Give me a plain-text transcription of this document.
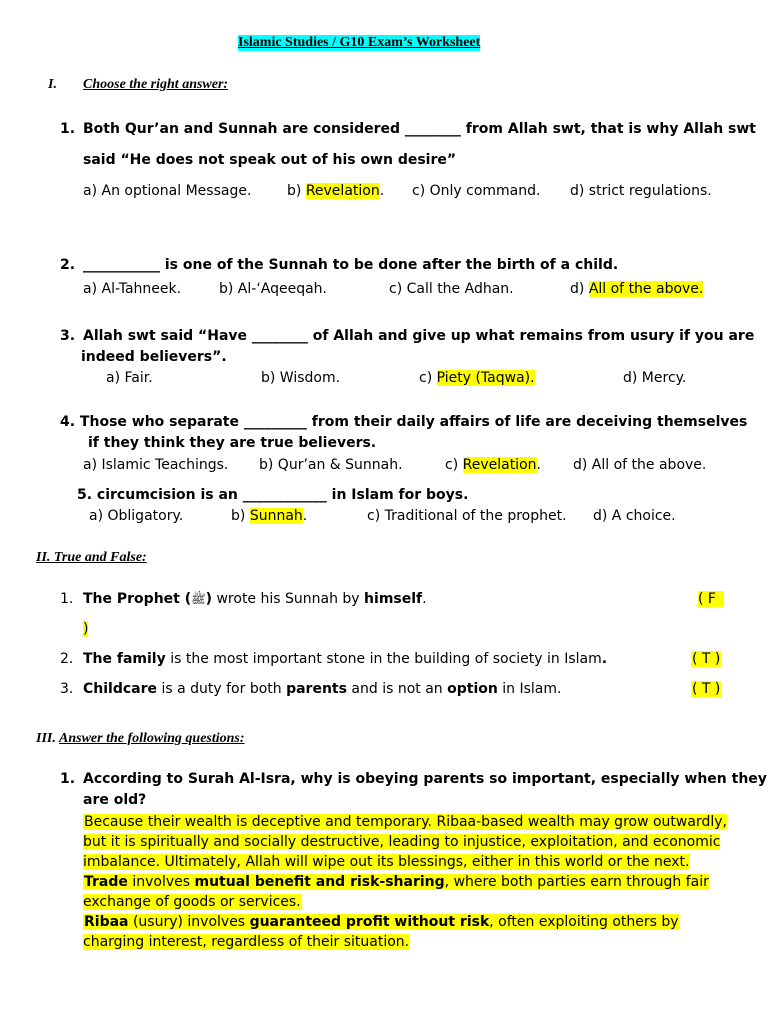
Islamic Studies / G10 Exam’s Worksheet
I. Choose the right answer:
1. Both Qur’an and Sunnah are considered ________ from Allah swt, that is why Allah swt
said “He does not speak out of his own desire”
a) An optional Message.	b) Revelation. c) Only command. d) strict regulations.
2. ___________ is one of the Sunnah to be done after the birth of a child.
a) Al-Tahneek.	b) Al-‘Aqeeqah.	c) Call the Adhan.	d) All of the above.
3. Allah swt said “Have ________ of Allah and give up what remains from usury if you are
indeed believers”.
a) Fair.	b) Wisdom.	c) Piety (Taqwa).	d) Mercy.
4. Those who separate _________ from their daily affairs of life are deceiving themselves
if they think they are true believers.
a) Islamic Teachings. b) Qur’an & Sunnah.	c) Revelation. d) All of the above.
5. circumcision is an ____________ in Islam for boys.
a) Obligatory.	b) Sunnah.	c) Traditional of the prophet. d) A choice.
II. True and False:
1. The Prophet (ﷺ) wrote his Sunnah by himself.	( F
)
2. The family is the most important stone in the building of society in Islam.	( T )
3. Childcare is a duty for both parents and is not an option in Islam.	( T )
III. Answer the following questions:
1. According to Surah Al-Isra, why is obeying parents so important, especially when they
are old?
Because their wealth is deceptive and temporary. Ribaa-based wealth may grow outwardly, but it is spiritually and socially destructive, leading to injustice, exploitation, and economic imbalance. Ultimately, Allah will wipe out its blessings, either in this world or the next.
Trade involves mutual benefit and risk-sharing, where both parties earn through fair exchange of goods or services.
Ribaa (usury) involves guaranteed profit without risk, often exploiting others by charging interest, regardless of their situation.
